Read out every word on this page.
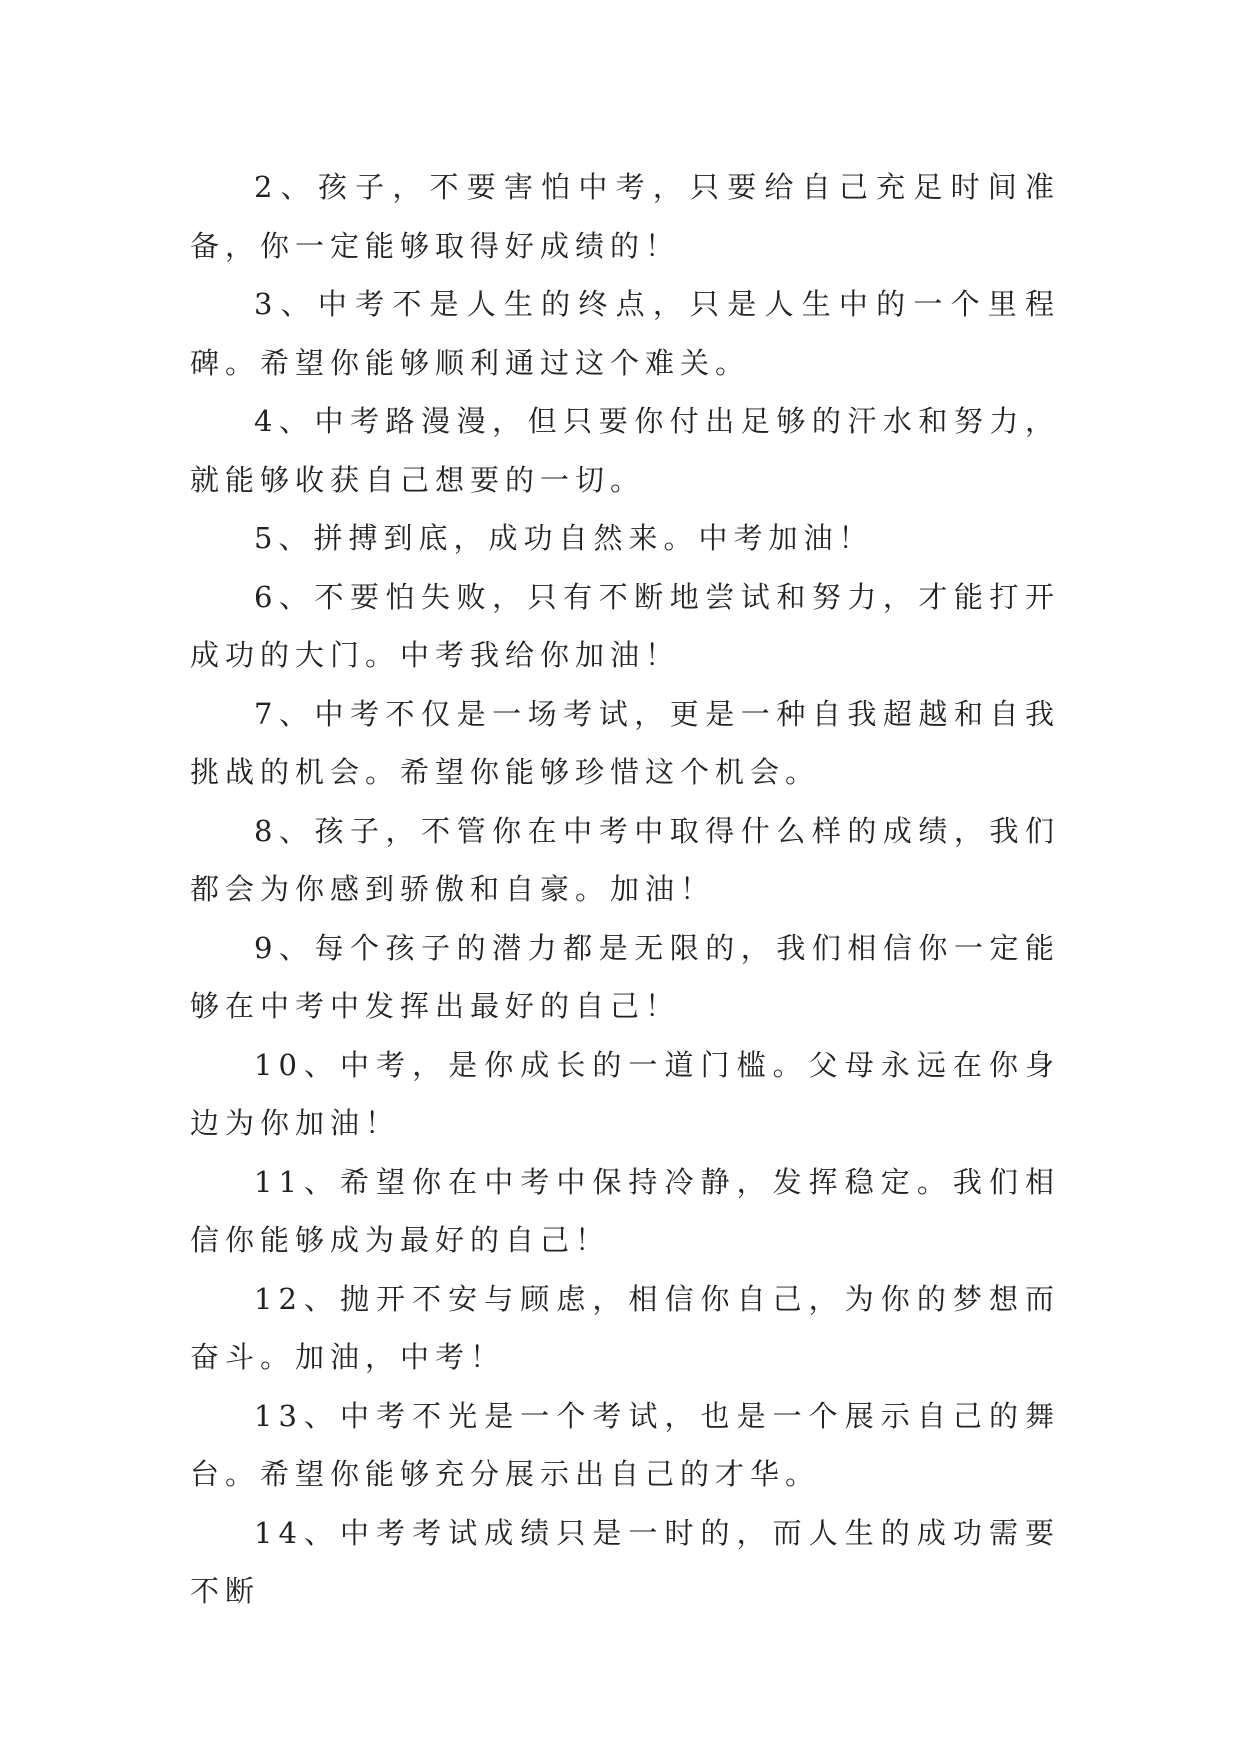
2、孩子，不要害怕中考，只要给自己充足时间准备，你一定能够取得好成绩的！

3、中考不是人生的终点，只是人生中的一个里程碑。希望你能够顺利通过这个难关。

4、中考路漫漫，但只要你付出足够的汗水和努力，就能够收获自己想要的一切。

5、拼搏到底，成功自然来。中考加油！

6、不要怕失败，只有不断地尝试和努力，才能打开成功的大门。中考我给你加油！

7、中考不仅是一场考试，更是一种自我超越和自我挑战的机会。希望你能够珍惜这个机会。

8、孩子，不管你在中考中取得什么样的成绩，我们都会为你感到骄傲和自豪。加油！

9、每个孩子的潜力都是无限的，我们相信你一定能够在中考中发挥出最好的自己！

10、中考，是你成长的一道门槛。父母永远在你身边为你加油！

11、希望你在中考中保持冷静，发挥稳定。我们相信你能够成为最好的自己！

12、抛开不安与顾虑，相信你自己，为你的梦想而奋斗。加油，中考！

13、中考不光是一个考试，也是一个展示自己的舞台。希望你能够充分展示出自己的才华。

14、中考考试成绩只是一时的，而人生的成功需要不断
